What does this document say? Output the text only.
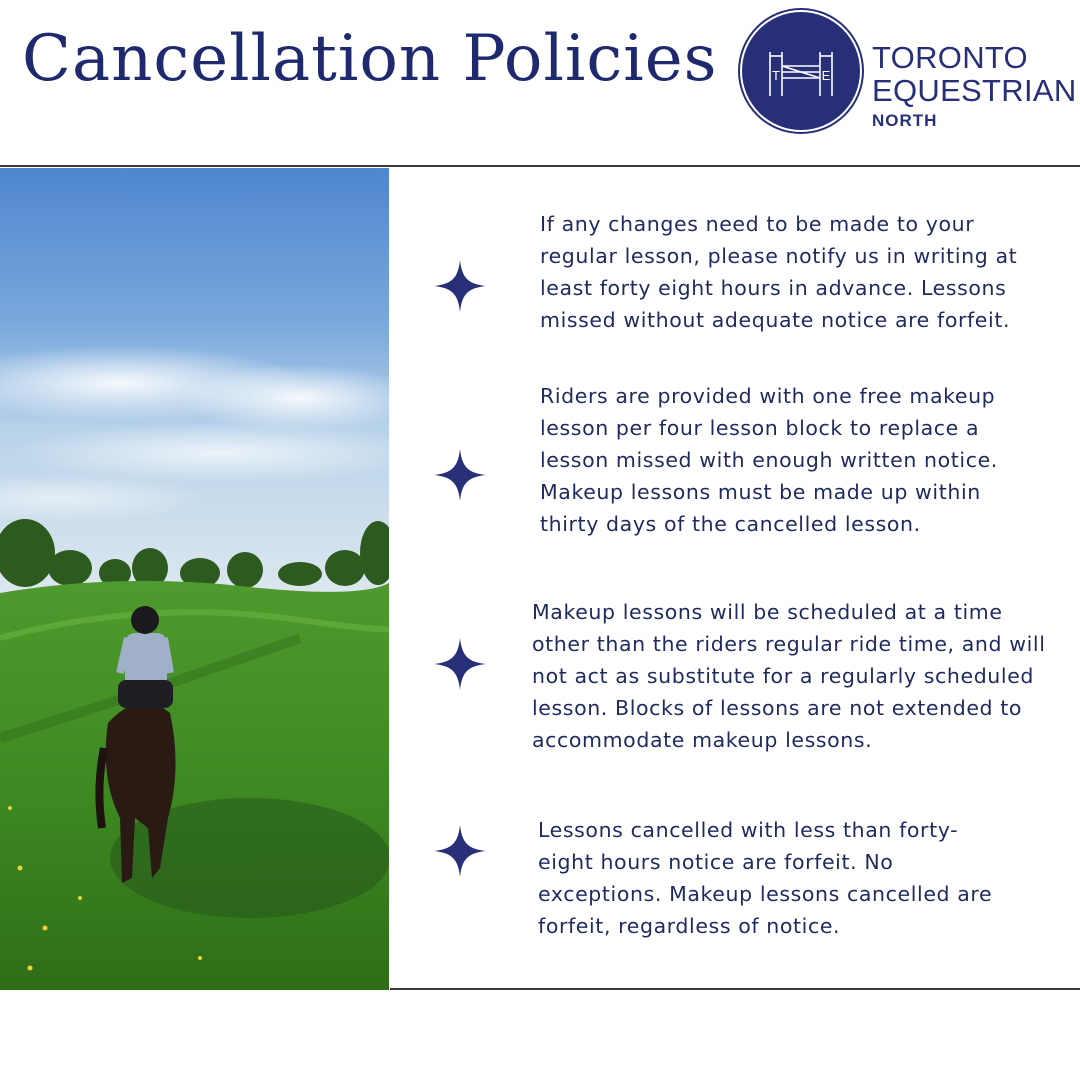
Cancellation Policies	T	E
TORONTO
EQUESTRIAN
NORTH
If any changes need to be made to your regular lesson, please notify us in writing at least forty eight hours in advance. Lessons missed without adequate notice are forfeit.
Riders are provided with one free makeup lesson per four lesson block to replace a lesson missed with enough written notice. Makeup lessons must be made up within thirty days of the cancelled lesson.
Makeup lessons will be scheduled at a time other than the riders regular ride time, and will not act as substitute for a regularly scheduled lesson. Blocks of lessons are not extended to accommodate makeup lessons.
Lessons cancelled with less than forty-eight hours notice are forfeit. No exceptions. Makeup lessons cancelled are forfeit, regardless of notice.
